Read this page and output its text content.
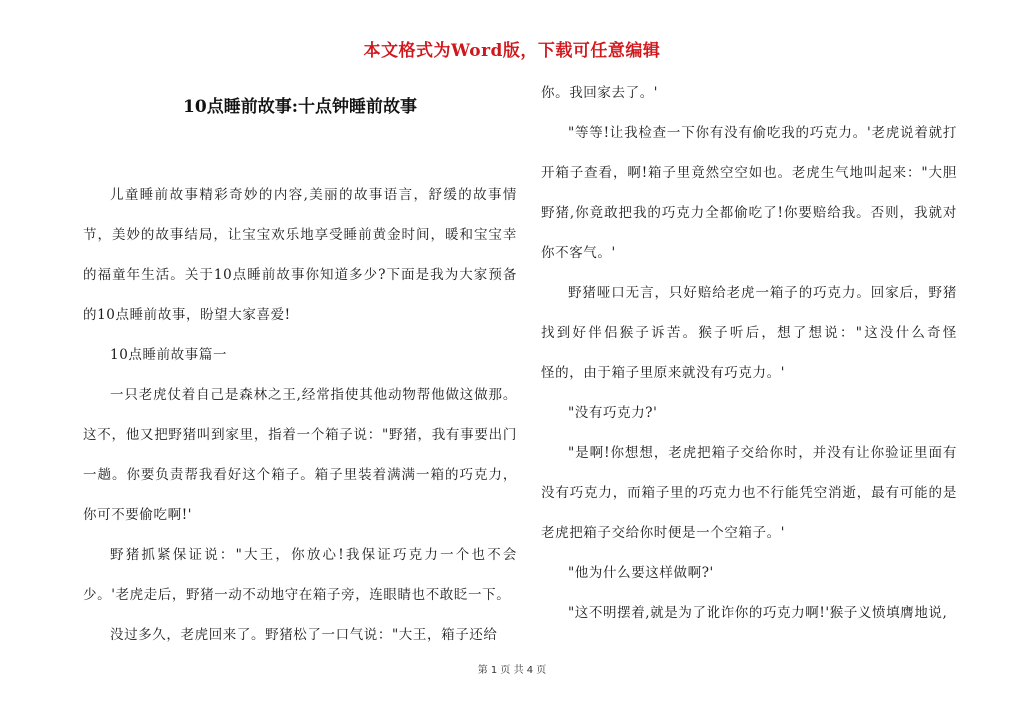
本文格式为Word版，下载可任意编辑
10点睡前故事:十点钟睡前故事

儿童睡前故事精彩奇妙的内容,美丽的故事语言，舒缓的故事情节，美妙的故事结局，让宝宝欢乐地享受睡前黄金时间，暖和宝宝幸的福童年生活。关于10点睡前故事你知道多少?下面是我为大家预备的10点睡前故事，盼望大家喜爱!

10点睡前故事篇一

一只老虎仗着自己是森林之王,经常指使其他动物帮他做这做那。这不，他又把野猪叫到家里，指着一个箱子说："野猪，我有事要出门一趟。你要负责帮我看好这个箱子。箱子里装着满满一箱的巧克力，你可不要偷吃啊!'

野猪抓紧保证说："大王，你放心!我保证巧克力一个也不会少。'老虎走后，野猪一动不动地守在箱子旁，连眼睛也不敢眨一下。

没过多久，老虎回来了。野猪松了一口气说："大王，箱子还给

你。我回家去了。'

"等等!让我检查一下你有没有偷吃我的巧克力。'老虎说着就打开箱子查看，啊!箱子里竟然空空如也。老虎生气地叫起来："大胆野猪,你竟敢把我的巧克力全都偷吃了!你要赔给我。否则，我就对你不客气。'

野猪哑口无言，只好赔给老虎一箱子的巧克力。回家后，野猪找到好伴侣猴子诉苦。猴子听后，想了想说："这没什么奇怪　　　怪的，由于箱子里原来就没有巧克力。'

"没有巧克力?'

"是啊!你想想，老虎把箱子交给你时，并没有让你验证里面有没有巧克力，而箱子里的巧克力也不行能凭空消逝，最有可能的是老虎把箱子交给你时便是一个空箱子。'

"他为什么要这样做啊?'

"这不明摆着,就是为了讹诈你的巧克力啊!'猴子义愤填膺地说,

第 1 页 共 4 页
